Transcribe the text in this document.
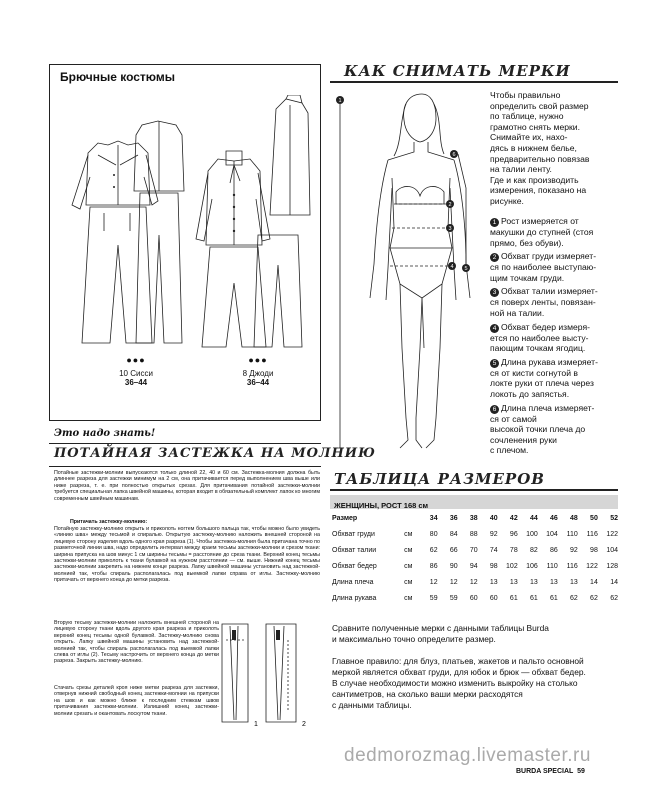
Брючные костюмы
●●●
10 Сисси
36–44
●●●
8 Джоди
36–44
Это надо знать!
ПОТАЙНАЯ ЗАСТЕЖКА НА МОЛНИЮ
Потайные застежки-молнии выпускаются только длиной 22, 40 и 60 см. Застежка-молния должна быть длиннее разреза для застежки минимум на 2 см, она притачивается перед выполнением шва выше или ниже разреза, т. е. при полностью открытых срезах. Для притачивания потайной застежки-молнии требуется специальная лапка швейной машины, которая входит в обязательный комплект лапок ко многим современным швейным машинам.
Притачать застежку-молнию:
Потайную застежку-молнию открыть и приколоть ногтем большого пальца так, чтобы можно было увидеть «линию шва» между тесьмой и спиралью. Открытую застежку-молнию наложить внешней стороной на лицевую сторону изделия вдоль одного края разреза (1). Чтобы застежка-молния была притачана точно по разметочной линии шва, надо определить интервал между краем тесьмы застежки-молнии и срезом ткани: ширина припуска на шов минус 1 см ширины тесьмы = расстояние до среза ткани. Верхний конец тесьмы застежки-молнии приколоть к ткани булавкой на нужном расстоянии — см. выше. Нижний конец тесьмы застежки-молнии закрепить на нижнем конце разреза. Лапку швейной машины установить над застежкой-молнией так, чтобы спираль располагалась под выемкой лапки справа от иглы. Застежку-молнию притачать от верхнего конца до метки разреза.
Вторую тесьму застежки-молнии наложить внешней стороной на лицевую сторону ткани вдоль другого края разреза и приколоть верхний конец тесьмы одной булавкой. Застежку-молнию снова открыть. Лапку швейной машины установить над застежкой-молнией так, чтобы спираль располагалась под выемкой лапки слева от иглы (2). Тесьму настрочить от верхнего конца до метки разреза. Закрыть застежку-молнию.
Стачать срезы деталей кроя ниже метки разреза для застежки, отвернув нижний свободный конец застежки-молнии на припуски на шов и как можно ближе к последним стежкам швов притачивания застежки-молнии. Излишний конец застежки-молнии срезать и окантовать лоскутом ткани.
1	2
КАК СНИМАТЬ МЕРКИ
1
6
2
3
4 5
Чтобы правильно
определить свой размер
по таблице, нужно
грамотно снять мерки.
Снимайте их, нахо-
дясь в нижнем белье,
предварительно повязав
на талии ленту.
Где и как производить
измерения, показано на
рисунке.
1 Рост измеряется от
макушки до ступней (стоя
прямо, без обуви).
2 Обхват груди измеряет-
ся по наиболее выступаю-
щим точкам груди.
3 Обхват талии измеряет-
ся поверх ленты, повязан-
ной на талии.
4 Обхват бедер измеря-
ется по наиболее высту-
пающим точкам ягодиц.
5 Длина рукава измеряет-
ся от кисти согнутой в
локте руки от плеча через
локоть до запястья.
6 Длина плеча измеряет-
ся от самой
высокой точки плеча до
сочленения руки
с плечом.
ТАБЛИЦА РАЗМЕРОВ
ЖЕНЩИНЫ, РОСТ 168 см
Размер		34	36	38	40	42	44	46	48	50	52
Обхват груди	см	80	84	88	92	96	100	104	110	116	122
Обхват талии	см	62	66	70	74	78	82	86	92	98	104
Обхват бедер	см	86	90	94	98	102	106	110	116	122	128
Длина плеча	см	12	12	12	13	13	13	13	13	14	14
Длина рукава	см	59	59	60	60	61	61	61	62	62	62
Сравните полученные мерки с данными таблицы Burda
и максимально точно определите размер.
Главное правило: для блуз, платьев, жакетов и пальто основной
меркой является обхват груди, для юбок и брюк — обхват бедер.
В случае необходимости можно изменить выкройку на столько
сантиметров, на сколько ваши мерки расходятся
с данными таблицы.
dedmorozmag.livemaster.ru
BURDA SPECIAL 59
